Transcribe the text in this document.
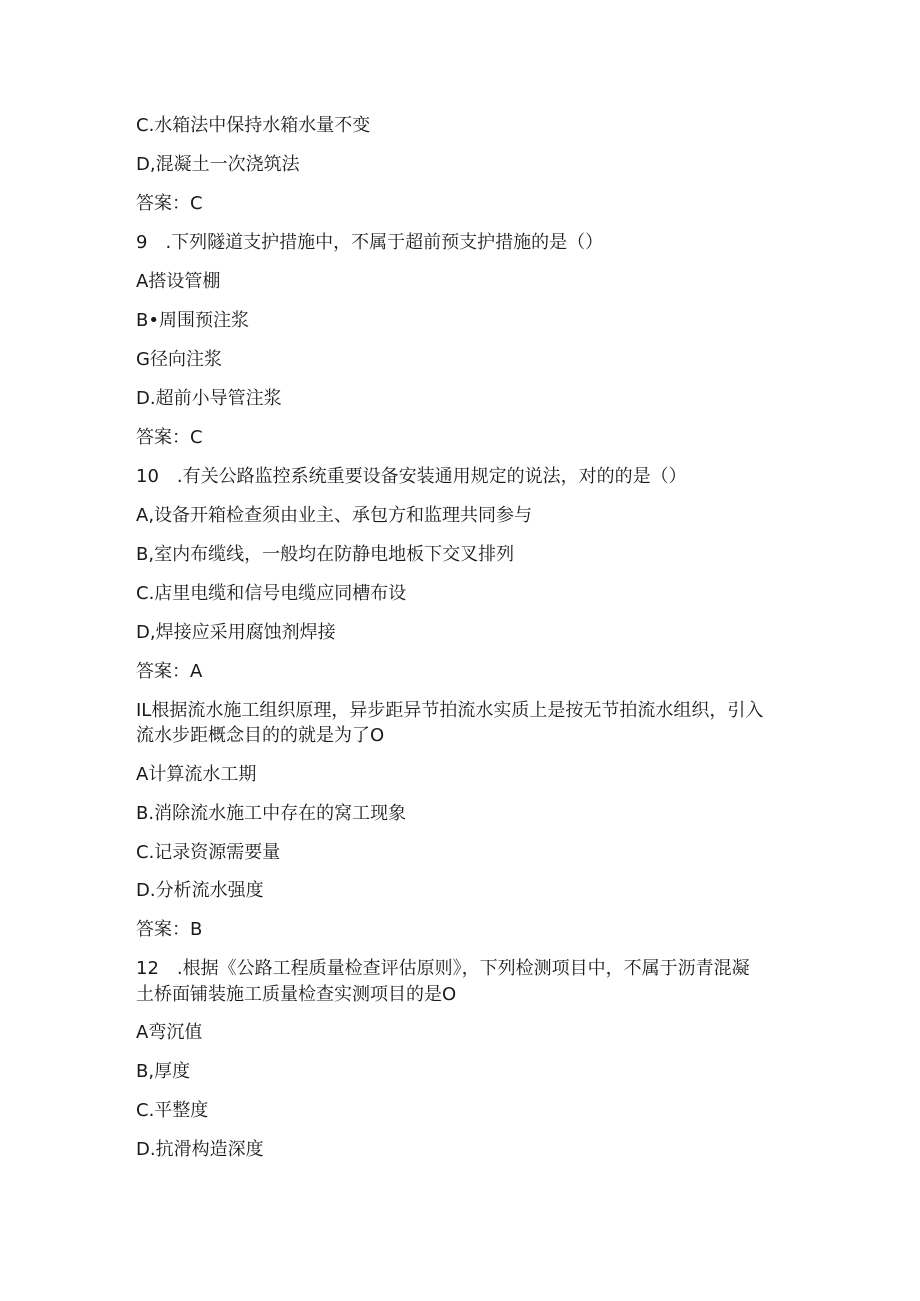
C.水箱法中保持水箱水量不变
D,混凝土一次浇筑法
答案：C
9　.下列隧道支护措施中，不属于超前预支护措施的是（）
A搭设管棚
B•周围预注浆
G径向注浆
D.超前小导管注浆
答案：C
10　.有关公路监控系统重要设备安装通用规定的说法，对的的是（）
A,设备开箱检查须由业主、承包方和监理共同参与
B,室内布缆线，一般均在防静电地板下交叉排列
C.店里电缆和信号电缆应同槽布设
D,焊接应采用腐蚀剂焊接
答案：A
IL根据流水施工组织原理，异步距异节拍流水实质上是按无节拍流水组织，引入
流水步距概念目的的就是为了O
A计算流水工期
B.消除流水施工中存在的窝工现象
C.记录资源需要量
D.分析流水强度
答案：B
12　.根据《公路工程质量检查评估原则》，下列检测项目中，不属于沥青混凝
土桥面铺装施工质量检查实测项目的是O
A弯沉值
B,厚度
C.平整度
D.抗滑构造深度
